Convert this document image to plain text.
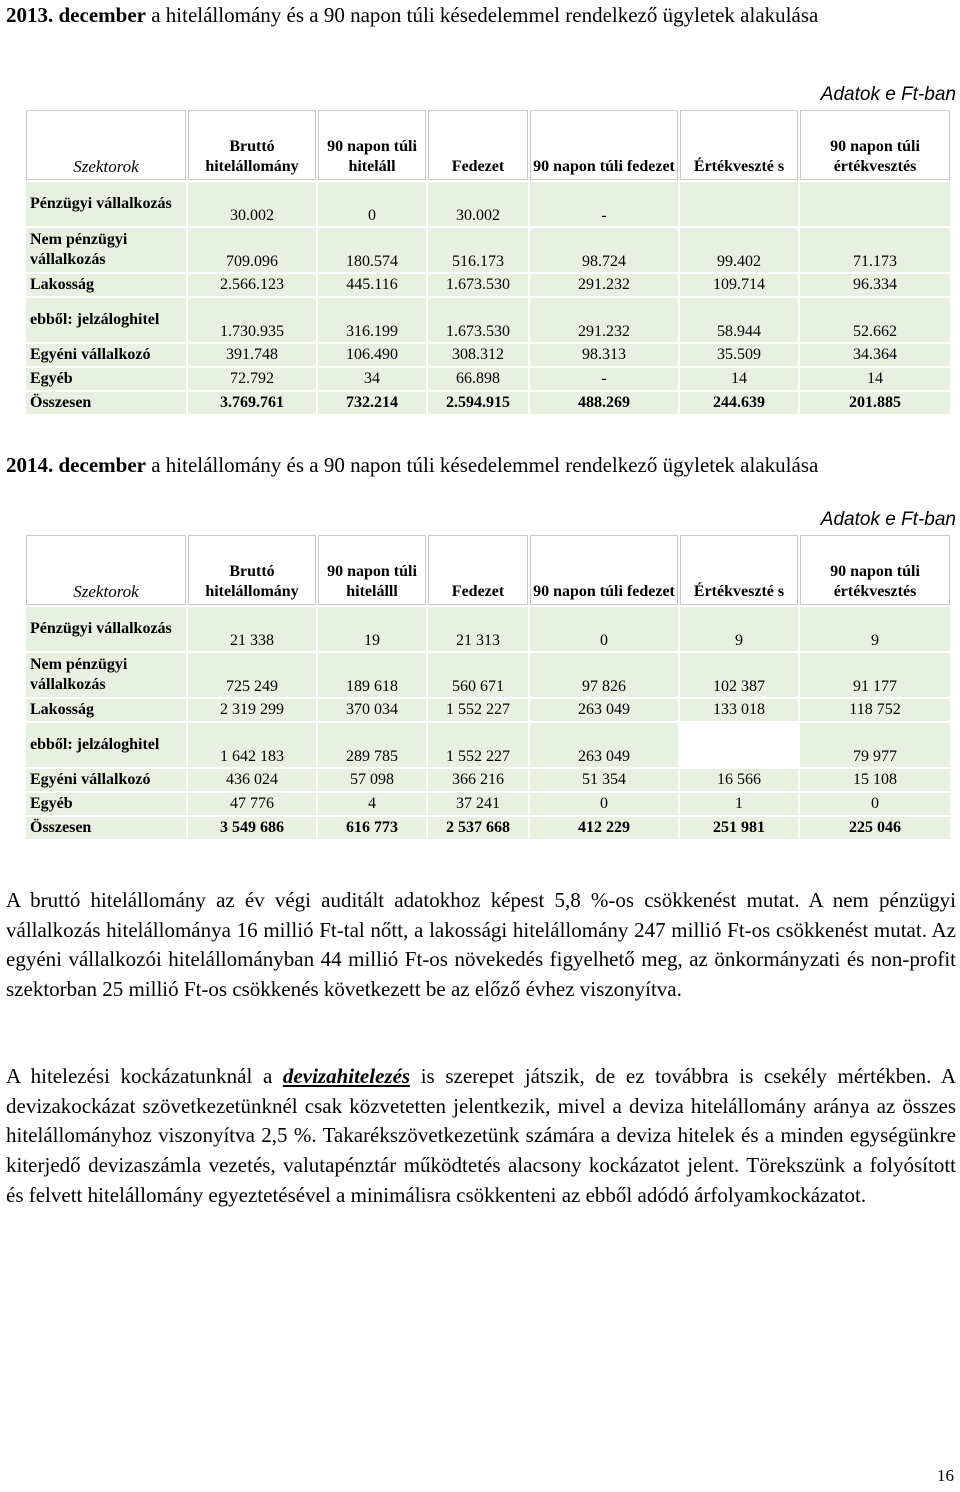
2013. december a hitelállomány és a 90 napon túli késedelemmel rendelkező ügyletek alakulása

Adatok e Ft-ban
Szektorok	Bruttó hitelállomány	90 napon túli hiteláll	Fedezet	90 napon túli fedezet	Értékveszté s	90 napon túli értékvesztés
Pénzügyi vállalkozás	30.002	0	30.002	-		
Nem pénzügyi vállalkozás	709.096	180.574	516.173	98.724	99.402	71.173
Lakosság	2.566.123	445.116	1.673.530	291.232	109.714	96.334
ebből: jelzáloghitel	1.730.935	316.199	1.673.530	291.232	58.944	52.662
Egyéni vállalkozó	391.748	106.490	308.312	98.313	35.509	34.364
Egyéb	72.792	34	66.898	-	14	14
Összesen	3.769.761	732.214	2.594.915	488.269	244.639	201.885

2014. december a hitelállomány és a 90 napon túli késedelemmel rendelkező ügyletek alakulása

Adatok e Ft-ban
Szektorok	Bruttó hitelállomány	90 napon túli hitelálll	Fedezet	90 napon túli fedezet	Értékveszté s	90 napon túli értékvesztés
Pénzügyi vállalkozás	21 338	19	21 313	0	9	9
Nem pénzügyi vállalkozás	725 249	189 618	560 671	97 826	102 387	91 177
Lakosság	2 319 299	370 034	1 552 227	263 049	133 018	118 752
ebből: jelzáloghitel	1 642 183	289 785	1 552 227	263 049		79 977
Egyéni vállalkozó	436 024	57 098	366 216	51 354	16 566	15 108
Egyéb	47 776	4	37 241	0	1	0
Összesen	3 549 686	616 773	2 537 668	412 229	251 981	225 046

A bruttó hitelállomány az év végi auditált adatokhoz képest 5,8 %-os csökkenést mutat. A nem pénzügyi vállalkozás hitelállománya 16 millió Ft-tal nőtt, a lakossági hitelállomány 247 millió Ft-os csökkenést mutat. Az egyéni vállalkozói hitelállományban 44 millió Ft-os növekedés figyelhető meg, az önkormányzati és non-profit szektorban 25 millió Ft-os csökkenés következett be az előző évhez viszonyítva.

A hitelezési kockázatunknál a devizahitelezés is szerepet játszik, de ez továbbra is csekély mértékben. A devizakockázat szövetkezetünknél csak közvetetten jelentkezik, mivel a deviza hitelállomány aránya az összes hitelállományhoz viszonyítva 2,5 %. Takarékszövetkezetünk számára a deviza hitelek és a minden egységünkre kiterjedő devizaszámla vezetés, valutapénztár működtetés alacsony kockázatot jelent. Törekszünk a folyósított és felvett hitelállomány egyeztetésével a minimálisra csökkenteni az ebből adódó árfolyamkockázatot.

16
